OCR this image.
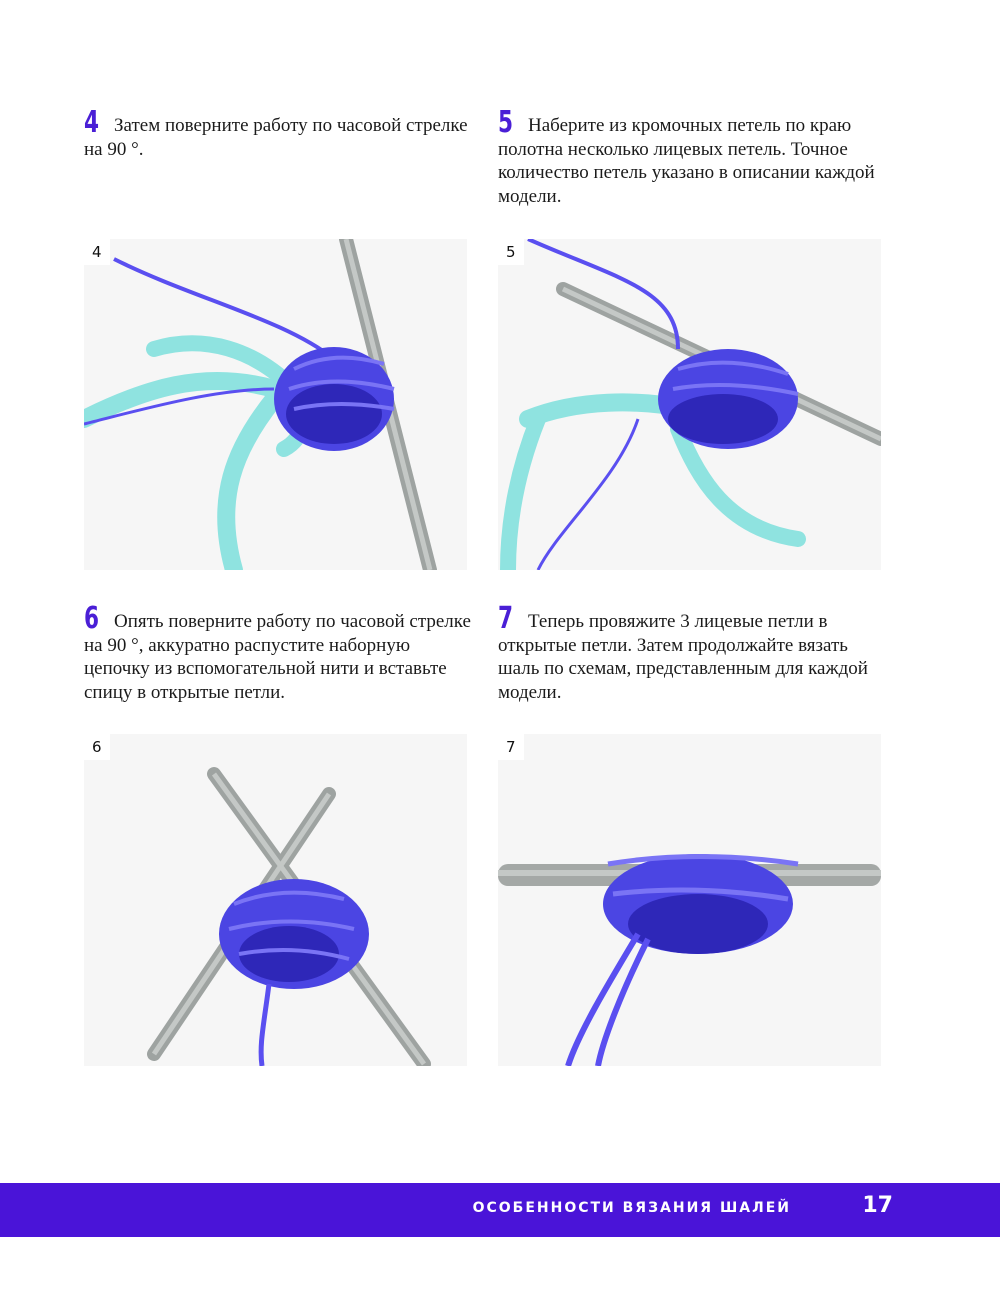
4 Затем поверните работу по часовой стрелке на 90 °.
5 Наберите из кромочных петель по краю полотна несколько лицевых петель. Точное количество петель указано в описании каждой модели.
4	5
6 Опять поверните работу по часовой стрелке на 90 °, аккуратно распустите наборную цепочку из вспомогательной нити и вставьте спицу в открытые петли.
7 Теперь провяжите 3 лицевые петли в открытые петли. Затем продолжайте вязать шаль по схемам, представленным для каждой модели.
6	7
ОСОБЕННОСТИ ВЯЗАНИЯ ШАЛЕЙ	17
